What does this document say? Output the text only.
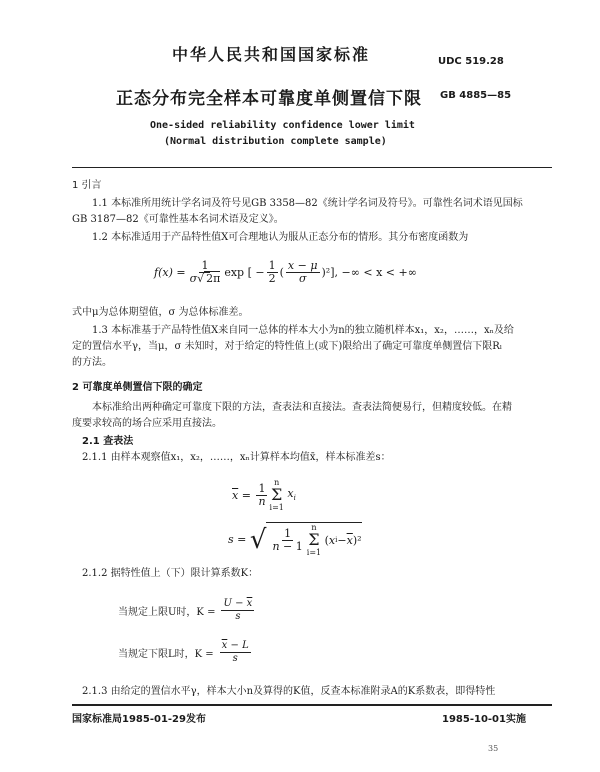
中华人民共和国国家标准	UDC 519.28
正态分布完全样本可靠度单侧置信下限 GB 4885—85
One-sided reliability confidence lower limit
(Normal distribution complete sample)
1 引言
1.1 本标准所用统计学名词及符号见GB 3358—82《统计学名词及符号》。可靠性名词术语见国标
GB 3187—82《可靠性基本名词术语及定义》。
1.2 本标准适用于产品特性值X可合理地认为服从正态分布的情形。其分布密度函数为
$f(x) = \frac{1}{\sigma√ 2\pi}$ exp [ − $\frac{1}{2}$ ( $\frac{x - \mu}{\sigma} )^2$] , −∞ < x < +∞
式中μ为总体期望值，σ 为总体标准差。
1.3 本标准基于产品特性值X来自同一总体的样本大小为n的独立随机样本x₁，x₂，……，xₙ及给
定的置信水平γ，当μ，σ 未知时，对于给定的特性值上(或下)限给出了确定可靠度单侧置信下限Rₗ
的方法。
2 可靠度单侧置信下限的确定
本标准给出两种确定可靠度下限的方法，查表法和直接法。查表法简便易行，但精度较低。在精
度要求较高的场合应采用直接法。
2.1 查表法
2.1.1 由样本观察值x₁，x₂，……，xₙ计算样本均值x̄，样本标准差s：
$\overline{x} = \frac{1}{n}$ n
Σ
i=1

$x_i$
s = √ $\frac{1}{n - 1}$ n
Σ
i=1
( x $i - \overline{x}$ )²
2.1.2 据特性值上（下）限计算系数K：
当规定上限U时，$K = \frac{U - \overline{x}}{s}$
当规定下限L时，$K = \frac{\overline{x} - L}{s}$
2.1.3 由给定的置信水平γ，样本大小n及算得的K值，反查本标准附录A的K系数表，即得特性
国家标准局1985-01-29发布	1985-10-01实施
35
